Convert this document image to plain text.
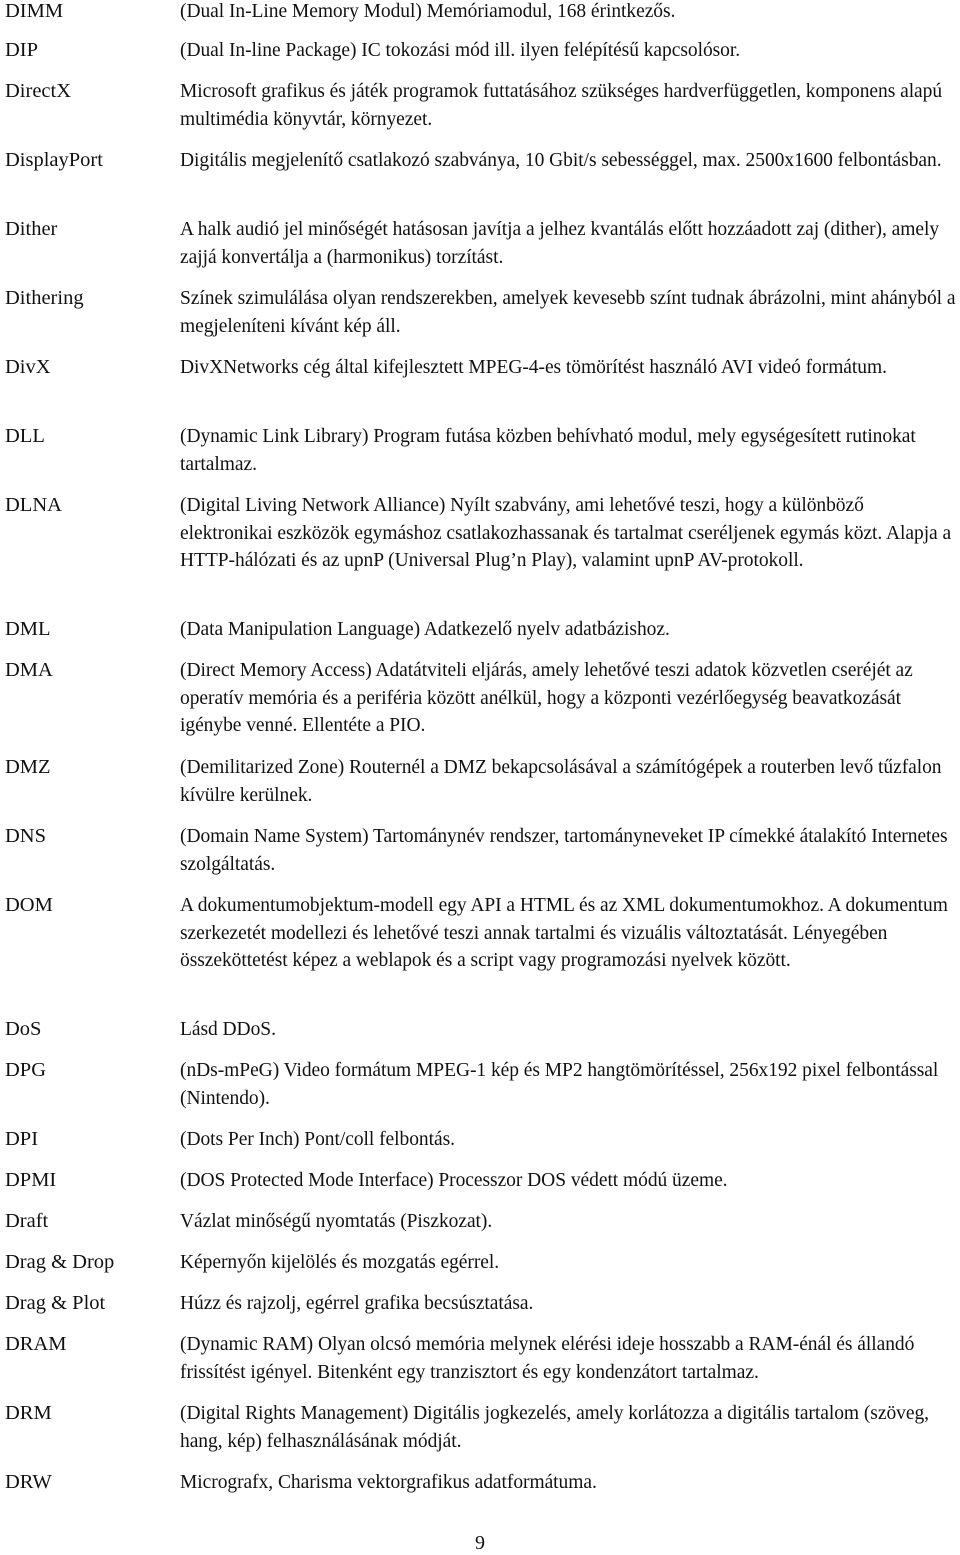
DIMM	(Dual In-Line Memory Modul) Memóriamodul, 168 érintkezős.
DIP	(Dual In-line Package) IC tokozási mód ill. ilyen felépítésű kapcsolósor.
DirectX	Microsoft grafikus és játék programok futtatásához szükséges hardverfüggetlen, komponens alapú multimédia könyvtár, környezet.
DisplayPort	Digitális megjelenítő csatlakozó szabványa, 10 Gbit/s sebességgel, max. 2500x1600 felbontásban.
Dither	A halk audió jel minőségét hatásosan javítja a jelhez kvantálás előtt hozzáadott zaj (dither), amely zajjá konvertálja a (harmonikus) torzítást.
Dithering	Színek szimulálása olyan rendszerekben, amelyek kevesebb színt tudnak ábrázolni, mint ahányból a megjeleníteni kívánt kép áll.
DivX	DivXNetworks cég által kifejlesztett MPEG-4-es tömörítést használó AVI videó formátum.
DLL	(Dynamic Link Library) Program futása közben behívható modul, mely egységesített rutinokat tartalmaz.
DLNA	(Digital Living Network Alliance) Nyílt szabvány, ami lehetővé teszi, hogy a különböző elektronikai eszközök egymáshoz csatlakozhassanak és tartalmat cseréljenek egymás közt. Alapja a HTTP-hálózati és az upnP (Universal Plug’n Play), valamint upnP AV-protokoll.
DML	(Data Manipulation Language) Adatkezelő nyelv adatbázishoz.
DMA	(Direct Memory Access) Adatátviteli eljárás, amely lehetővé teszi adatok közvetlen cseréjét az operatív memória és a periféria között anélkül, hogy a központi vezérlőegység beavatkozását igénybe venné. Ellentéte a PIO.
DMZ	(Demilitarized Zone) Routernél a DMZ bekapcsolásával a számítógépek a routerben levő tűzfalon kívülre kerülnek.
DNS	(Domain Name System) Tartománynév rendszer, tartományneveket IP címekké átalakító Internetes szolgáltatás.
DOM	A dokumentumobjektum-modell egy API a HTML és az XML dokumentumokhoz. A dokumentum szerkezetét modellezi és lehetővé teszi annak tartalmi és vizuális változtatását. Lényegében összeköttetést képez a weblapok és a script vagy programozási nyelvek között.
DoS	Lásd DDoS.
DPG	(nDs-mPeG) Video formátum MPEG-1 kép és MP2 hangtömörítéssel, 256x192 pixel felbontással (Nintendo).
DPI	(Dots Per Inch) Pont/coll felbontás.
DPMI	(DOS Protected Mode Interface) Processzor DOS védett módú üzeme.
Draft	Vázlat minőségű nyomtatás (Piszkozat).
Drag & Drop	Képernyőn kijelölés és mozgatás egérrel.
Drag & Plot	Húzz és rajzolj, egérrel grafika becsúsztatása.
DRAM	(Dynamic RAM) Olyan olcsó memória melynek elérési ideje hosszabb a RAM-énál és állandó frissítést igényel. Bitenként egy tranzisztort és egy kondenzátort tartalmaz.
DRM	(Digital Rights Management) Digitális jogkezelés, amely korlátozza a digitális tartalom (szöveg, hang, kép) felhasználásának módját.
DRW	Micrografx, Charisma vektorgrafikus adatformátuma.
9
